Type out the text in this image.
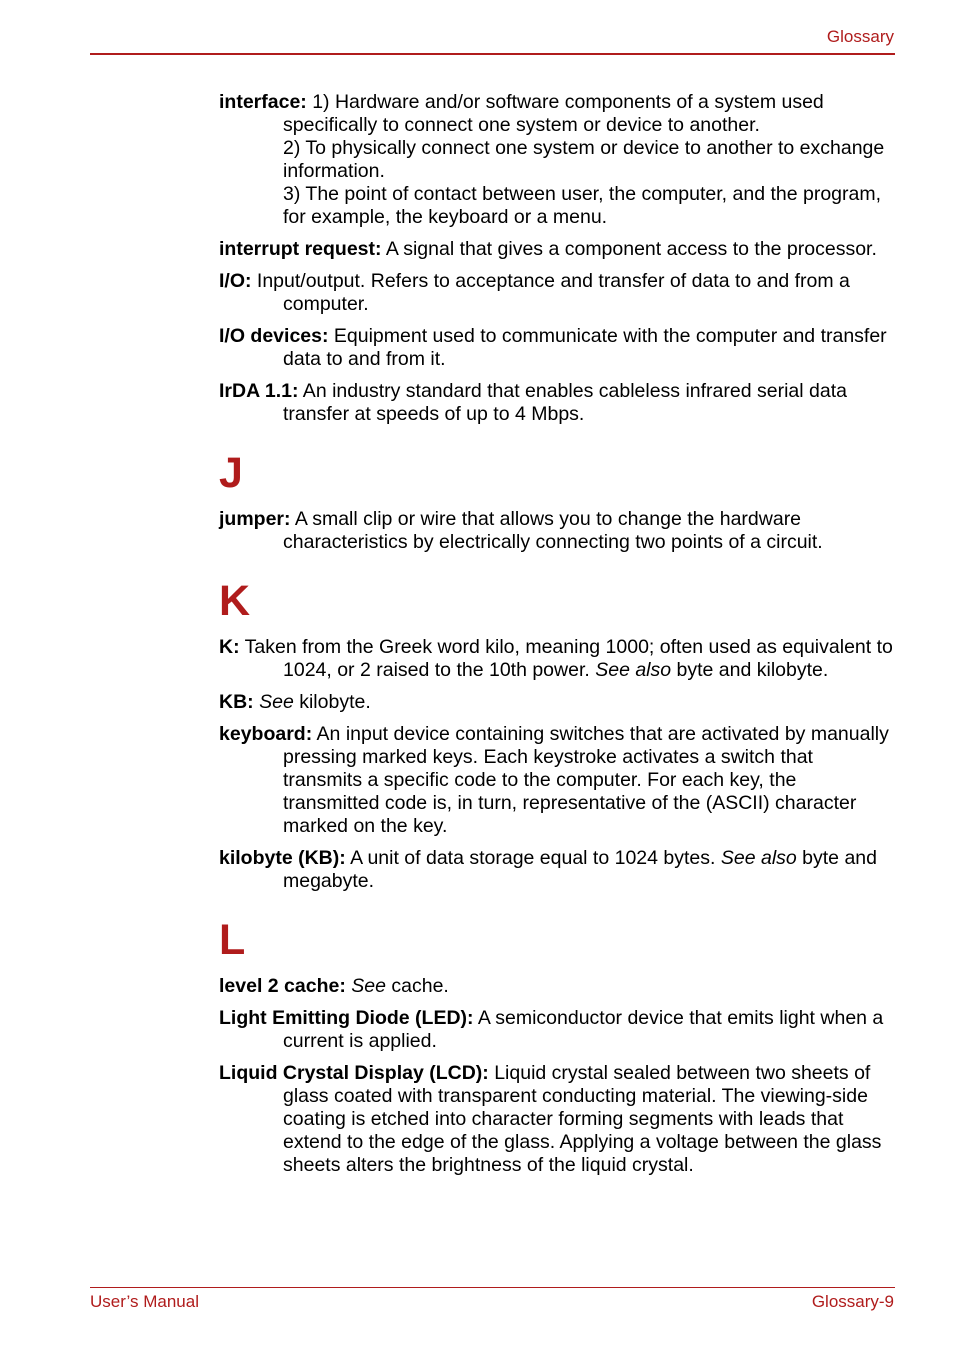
Glossary
interface: 1) Hardware and/or software components of a system used specifically to connect one system or device to another.
2) To physically connect one system or device to another to exchange information.
3) The point of contact between user, the computer, and the program, for example, the keyboard or a menu.
interrupt request: A signal that gives a component access to the processor.
I/O: Input/output. Refers to acceptance and transfer of data to and from a computer.
I/O devices: Equipment used to communicate with the computer and transfer data to and from it.
IrDA 1.1: An industry standard that enables cableless infrared serial data transfer at speeds of up to 4 Mbps.
J
jumper: A small clip or wire that allows you to change the hardware characteristics by electrically connecting two points of a circuit.
K
K: Taken from the Greek word kilo, meaning 1000; often used as equivalent to 1024, or 2 raised to the 10th power. See also byte and kilobyte.
KB: See kilobyte.
keyboard: An input device containing switches that are activated by manually pressing marked keys. Each keystroke activates a switch that transmits a specific code to the computer. For each key, the transmitted code is, in turn, representative of the (ASCII) character marked on the key.
kilobyte (KB): A unit of data storage equal to 1024 bytes. See also byte and megabyte.
L
level 2 cache: See cache.
Light Emitting Diode (LED): A semiconductor device that emits light when a current is applied.
Liquid Crystal Display (LCD): Liquid crystal sealed between two sheets of glass coated with transparent conducting material. The viewing-side coating is etched into character forming segments with leads that extend to the edge of the glass. Applying a voltage between the glass sheets alters the brightness of the liquid crystal.
User’s Manual	Glossary-9
